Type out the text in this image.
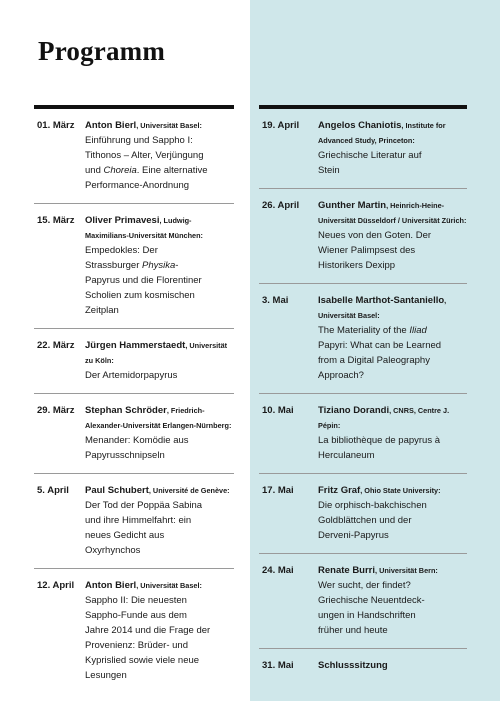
Programm
01. März	Anton Bierl, Universität Basel:
Einführung und Sappho I:
Tithonos – Alter, Verjüngung
und Choreia. Eine alternative
Performance-Anordnung
15. März	Oliver Primavesi, Ludwig-Maximilians-Universität München:
Empedokles: Der
Strassburger Physika-
Papyrus und die Florentiner
Scholien zum kosmischen
Zeitplan
22. März	Jürgen Hammerstaedt, Universität zu Köln:
Der Artemidorpapyrus
29. März	Stephan Schröder, Friedrich-Alexander-Universität Erlangen-Nürnberg:
Menander: Komödie aus
Papyrusschnipseln
5. April	Paul Schubert, Université de Genève:
Der Tod der Poppäa Sabina
und ihre Himmelfahrt: ein
neues Gedicht aus
Oxyrhynchos
12. April	Anton Bierl, Universität Basel:
Sappho II: Die neuesten
Sappho-Funde aus dem
Jahre 2014 und die Frage der
Provenienz: Brüder- und
Kyprislied sowie viele neue
Lesungen
19. April	Angelos Chaniotis, Institute for Advanced Study, Princeton:
Griechische Literatur auf
Stein
26. April	Gunther Martin, Heinrich-Heine-Universität Düsseldorf / Universität Zürich:
Neues von den Goten. Der
Wiener Palimpsest des
Historikers Dexipp
3. Mai	Isabelle Marthot-Santaniello, Universität Basel:
The Materiality of the Iliad
Papyri: What can be Learned
from a Digital Paleography
Approach?
10. Mai	Tiziano Dorandi, CNRS, Centre J. Pépin:
La bibliothèque de papyrus à
Herculaneum
17. Mai	Fritz Graf, Ohio State University:
Die orphisch-bakchischen
Goldblättchen und der
Derveni-Papyrus
24. Mai	Renate Burri, Universität Bern:
Wer sucht, der findet?
Griechische Neuentdeck-
ungen in Handschriften
früher und heute
31. Mai	Schlusssitzung
